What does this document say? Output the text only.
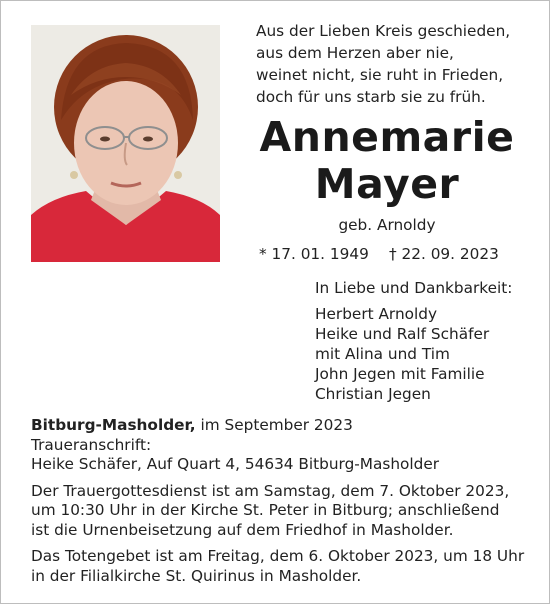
Aus der Lieben Kreis geschieden,
aus dem Herzen aber nie,
weinet nicht, sie ruht in Frieden,
doch für uns starb sie zu früh.
Annemarie
Mayer
geb. Arnoldy
* 17. 01. 1949 † 22. 09. 2023
In Liebe und Dankbarkeit:
Herbert Arnoldy
Heike und Ralf Schäfer
mit Alina und Tim
John Jegen mit Familie
Christian Jegen
Bitburg-Masholder, im September 2023
Traueranschrift:
Heike Schäfer, Auf Quart 4, 54634 Bitburg-Masholder
Der Trauergottesdienst ist am Samstag, dem 7. Oktober 2023,
um 10:30 Uhr in der Kirche St. Peter in Bitburg; anschließend
ist die Urnenbeisetzung auf dem Friedhof in Masholder.
Das Totengebet ist am Freitag, dem 6. Oktober 2023, um 18 Uhr
in der Filialkirche St. Quirinus in Masholder.
